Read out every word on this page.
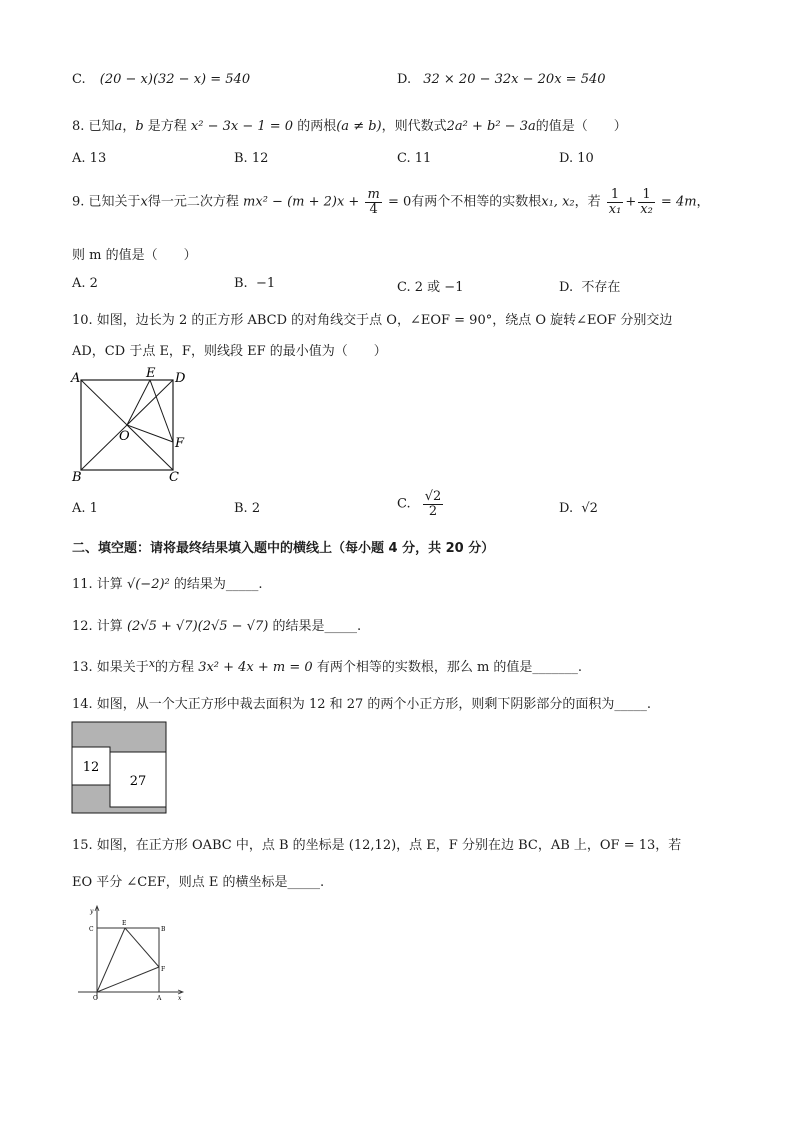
C. (20 − x)(32 − x) = 540	D. 32 × 20 − 32x − 20x = 540
8. 已知a，b 是方程 x² − 3x − 1 = 0 的两根(a ≠ b)，则代数式2a² + b² − 3a的值是（　　）
A. 13	B. 12	C. 11	D. 10
9. 已知关于x得一元二次方程 $mx^2 - (m + 2)x + \frac{m}{4} = 0$有两个不相等的实数根x₁, x₂，若 $\frac{1}{\text{x₁}} + \frac{1}{\text{x₂}} = 4m$，
则 m 的值是（　　）
A. 2	B. −1	C. 2 或 −1	D. 不存在
10. 如图，边长为 2 的正方形 ABCD 的对角线交于点 O，∠EOF = 90°，绕点 O 旋转∠EOF 分别交边
AD，CD 于点 E，F，则线段 EF 的最小值为（　　）
A	E D
O	F
B	C
A. 1	B. 2	C. $\frac{√2}{2}$	D. √2
二、填空题：请将最终结果填入题中的横线上（每小题 4 分，共 20 分）
11. 计算 √(−2)² 的结果为_____.
12. 计算 (2√5 + √7)(2√5 − √7) 的结果是_____.
13. 如果关于$^x$的方程 3x² + 4x + m = 0 有两个相等的实数根，那么 m 的值是_______.
14. 如图，从一个大正方形中裁去面积为 12 和 27 的两个小正方形，则剩下阴影部分的面积为_____.
12
27
15. 如图，在正方形 OABC 中，点 B 的坐标是 (12,12)，点 E，F 分别在边 BC，AB 上，OF = 13，若
EO 平分 ∠CEF，则点 E 的横坐标是_____.
y
x
C
E
B
F
O	A
